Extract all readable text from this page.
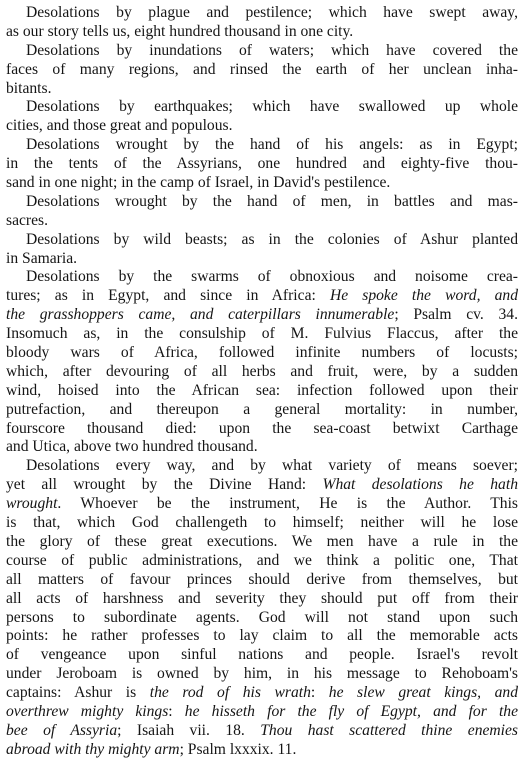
Desolations by plague and pestilence; which have swept away,
as our story tells us, eight hundred thousand in one city.
Desolations by inundations of waters; which have covered the
faces of many regions, and rinsed the earth of her unclean inha-
bitants.
Desolations by earthquakes; which have swallowed up whole
cities, and those great and populous.
Desolations wrought by the hand of his angels: as in Egypt;
in the tents of the Assyrians, one hundred and eighty-five thou-
sand in one night; in the camp of Israel, in David's pestilence.
Desolations wrought by the hand of men, in battles and mas-
sacres.
Desolations by wild beasts; as in the colonies of Ashur planted
in Samaria.
Desolations by the swarms of obnoxious and noisome crea-
tures; as in Egypt, and since in Africa: He spoke the word, and
the grasshoppers came, and caterpillars innumerable; Psalm cv. 34.
Insomuch as, in the consulship of M. Fulvius Flaccus, after the
bloody wars of Africa, followed infinite numbers of locusts;
which, after devouring of all herbs and fruit, were, by a sudden
wind, hoised into the African sea: infection followed upon their
putrefaction, and thereupon a general mortality: in number,
fourscore thousand died: upon the sea-coast betwixt Carthage
and Utica, above two hundred thousand.
Desolations every way, and by what variety of means soever;
yet all wrought by the Divine Hand: What desolations he hath
wrought. Whoever be the instrument, He is the Author. This
is that, which God challengeth to himself; neither will he lose
the glory of these great executions. We men have a rule in the
course of public administrations, and we think a politic one, That
all matters of favour princes should derive from themselves, but
all acts of harshness and severity they should put off from their
persons to subordinate agents. God will not stand upon such
points: he rather professes to lay claim to all the memorable acts
of vengeance upon sinful nations and people. Israel's revolt
under Jeroboam is owned by him, in his message to Rehoboam's
captains: Ashur is the rod of his wrath: he slew great kings, and
overthrew mighty kings: he hisseth for the fly of Egypt, and for the
bee of Assyria; Isaiah vii. 18. Thou hast scattered thine enemies
abroad with thy mighty arm; Psalm lxxxix. 11.
